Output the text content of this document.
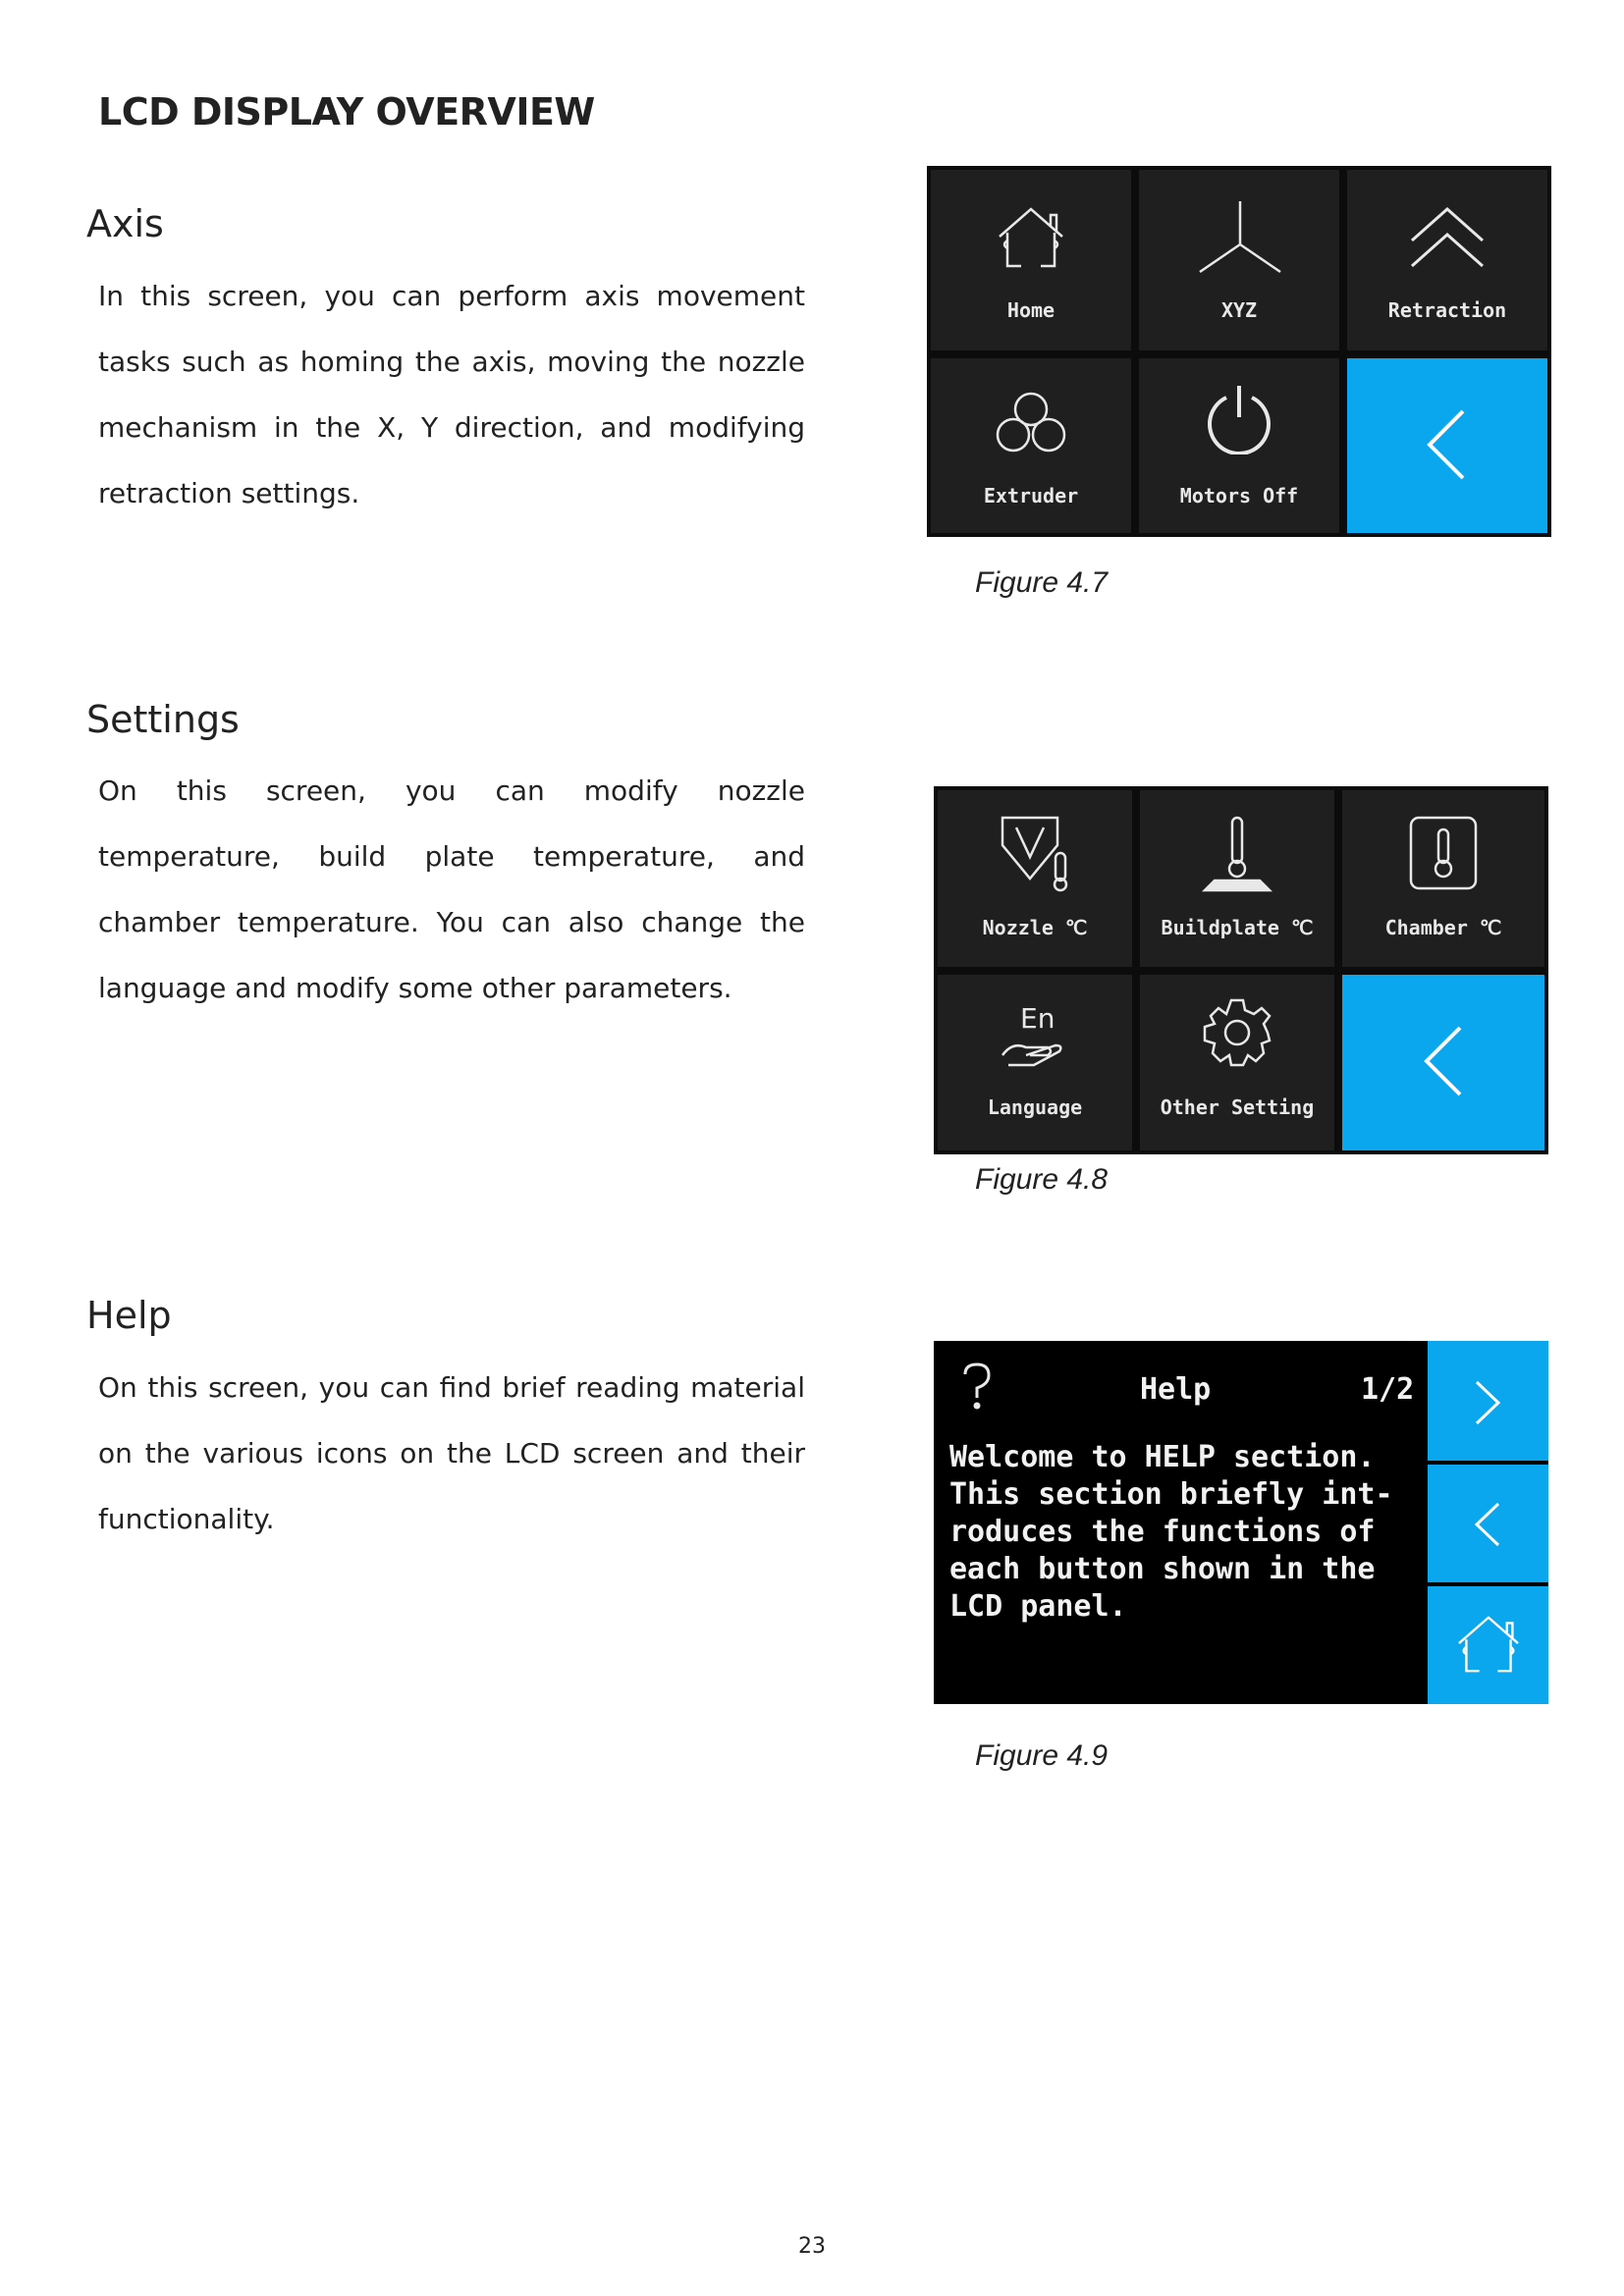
LCD DISPLAY OVERVIEW
Axis

In this screen, you can perform axis movement tasks such as homing the axis, moving the nozzle mechanism in the X, Y direction, and modifying retraction settings.

Home	XYZ	Retraction
Extruder	Motors Off
Figure 4.7
Settings

On this screen, you can modify nozzle temperature, build plate temperature, and chamber temperature. You can also change the language and modify some other parameters.

Nozzle ℃	Buildplate ℃	Chamber ℃
En
Language	Other Setting
Figure 4.8
Help

On this screen, you can find brief reading material on the various icons on the LCD screen and their functionality.

Help	1/2
Welcome to HELP section.
This section briefly int-
roduces the functions of
each button shown in the
LCD panel.
Figure 4.9
23
